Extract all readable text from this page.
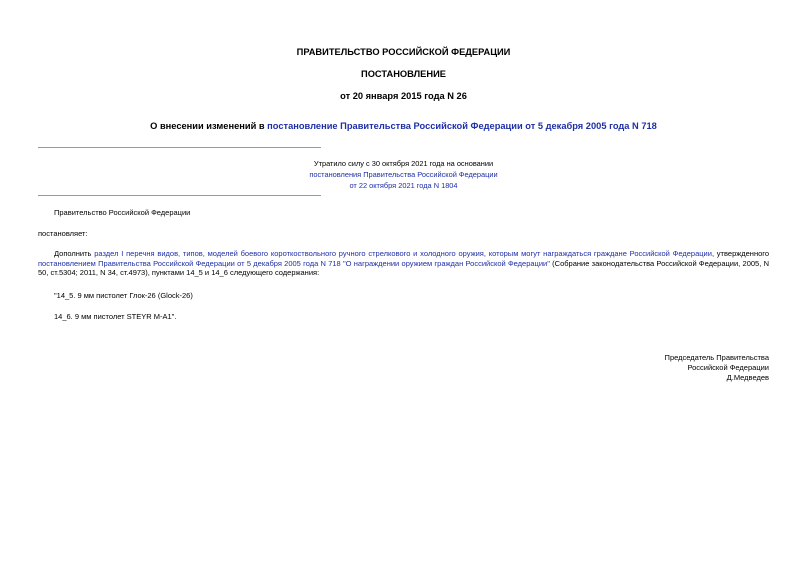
ПРАВИТЕЛЬСТВО РОССИЙСКОЙ ФЕДЕРАЦИИ
ПОСТАНОВЛЕНИЕ
от 20 января 2015 года N 26
О внесении изменений в постановление Правительства Российской Федерации от 5 декабря 2005 года N 718
Утратило силу с 30 октября 2021 года на основании
постановления Правительства Российской Федерации
от 22 октября 2021 года N 1804
Правительство Российской Федерации
постановляет:
Дополнить раздел I перечня видов, типов, моделей боевого короткоствольного ручного стрелкового и холодного оружия, которым могут награждаться граждане Российской Федерации, утвержденного постановлением Правительства Российской Федерации от 5 декабря 2005 года N 718 "О награждении оружием граждан Российской Федерации" (Собрание законодательства Российской Федерации, 2005, N 50, ст.5304; 2011, N 34, ст.4973), пунктами 14_5 и 14_6 следующего содержания:
"14_5. 9 мм пистолет Глок-26 (Glock-26)
14_6. 9 мм пистолет STEYR M-A1".
Председатель Правительства
Российской Федерации
Д.Медведев
